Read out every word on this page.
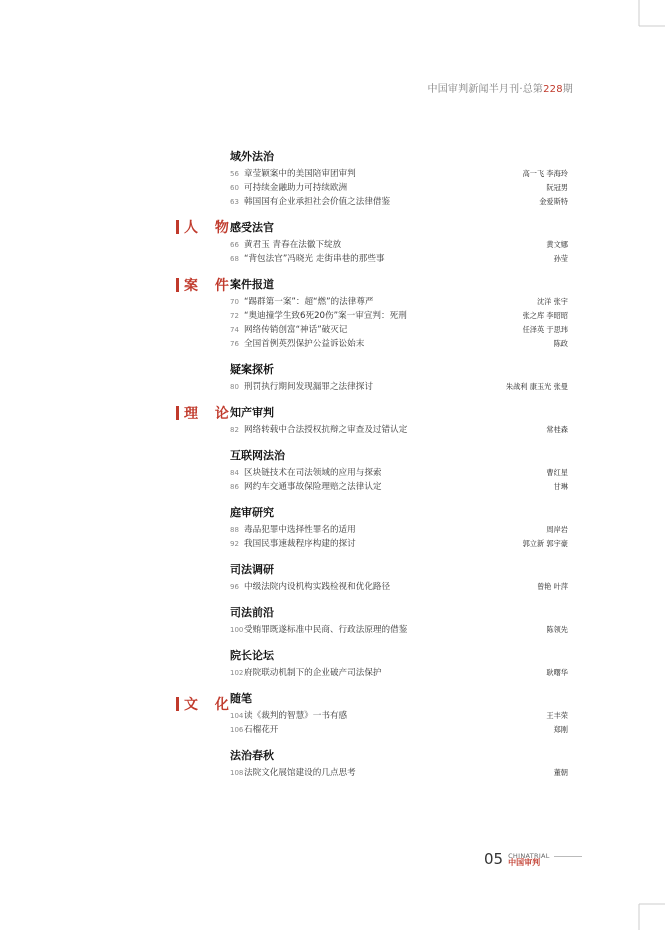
中国审判新闻半月刊·总第228期
人 物
案 件
理 论
文 化
域外法治
56 章莹颖案中的美国陪审团审判	高一飞 李海玲
60 可持续金融助力可持续欧洲	阮冠男
63 韩国国有企业承担社会价值之法律借鉴	金爱斯特
感受法官
66 黄君玉 青春在法徽下绽放	黄文娜
68 “背包法官”冯晓光 走街串巷的那些事	孙莹
案件报道
70 “踢群第一案”：超“燃”的法律尊严	沈洋 张宇
72 “奥迪撞学生致6死20伤”案一审宣判：死刑	张之库 李昭昭
74 网络传销创富“神话”破灭记	任泽英 于思玮
76 全国首例英烈保护公益诉讼始末	陈政
疑案探析
80 刑罚执行期间发现漏罪之法律探讨	朱战利 康玉光 张曼
知产审判
82 网络转载中合法授权抗辩之审查及过错认定	常桂森
互联网法治
84 区块链技术在司法领域的应用与探索	曹红星
86 网约车交通事故保险理赔之法律认定	甘琳
庭审研究
88 毒品犯罪中选择性罪名的适用	周岸岩
92 我国民事速裁程序构建的探讨	郭立新 郭宇豪
司法调研
96 中级法院内设机构实践检视和优化路径	曾艳 叶萍
司法前沿
100 受贿罪既遂标准中民商、行政法原理的借鉴	陈领先
院长论坛
102 府院联动机制下的企业破产司法保护	耿曙华
随笔
104 读《裁判的智慧》一书有感	王丰荣
106 石榴花开	郑刚
法治春秋
108 法院文化展馆建设的几点思考	董朝
05 CHINATRIAL
中国审判
